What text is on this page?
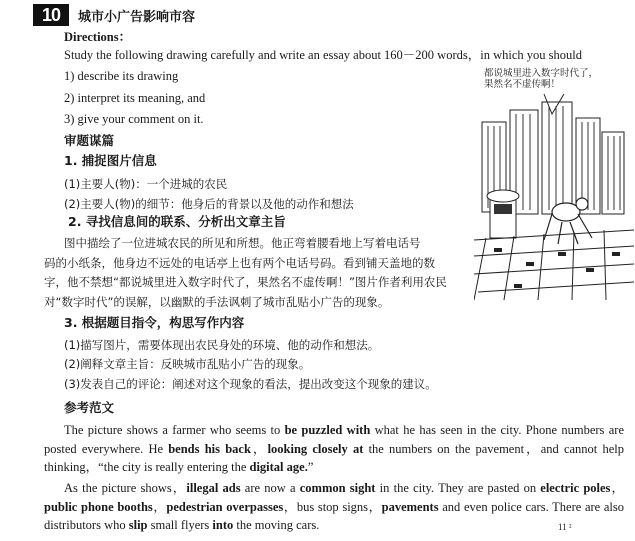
10	城市小广告影响市容
Directions：
Study the following drawing carefully and write an essay about 160－200 words，in which you should
1) describe its drawing
2) interpret its meaning, and
3) give your comment on it.
审题谋篇
1. 捕捉图片信息
(1)主要人(物)：一个进城的农民
(2)主要人(物)的细节：他身后的背景以及他的动作和想法
2. 寻找信息间的联系、分析出文章主旨
图中描绘了一位进城农民的所见和所想。他正弯着腰看地上写着电话号
码的小纸条，他身边不远处的电话亭上也有两个电话号码。看到铺天盖地的数
字，他不禁想“都说城里进入数字时代了，果然名不虚传啊！”图片作者利用农民
对“数字时代”的误解，以幽默的手法讽刺了城市乱贴小广告的现象。
3. 根据题目指令，构思写作内容
(1)描写图片，需要体现出农民身处的环境、他的动作和想法。
(2)阐释文章主旨：反映城市乱贴小广告的现象。
(3)发表自己的评论：阐述对这个现象的看法，提出改变这个现象的建议。
参考范文
The picture shows a farmer who seems to be puzzled with what he has seen in the city. Phone numbers are posted everywhere. He bends his back，looking closely at the numbers on the pavement，and cannot help thinking，“the city is really entering the digital age.”
As the picture shows，illegal ads are now a common sight in the city. They are pasted on electric poles，public phone booths，pedestrian overpasses，bus stop signs，pavements and even police cars. There are also distributors who slip small flyers into the moving cars.
都说城里进入数字时代了，
果然名不虚传啊！
11 ²
